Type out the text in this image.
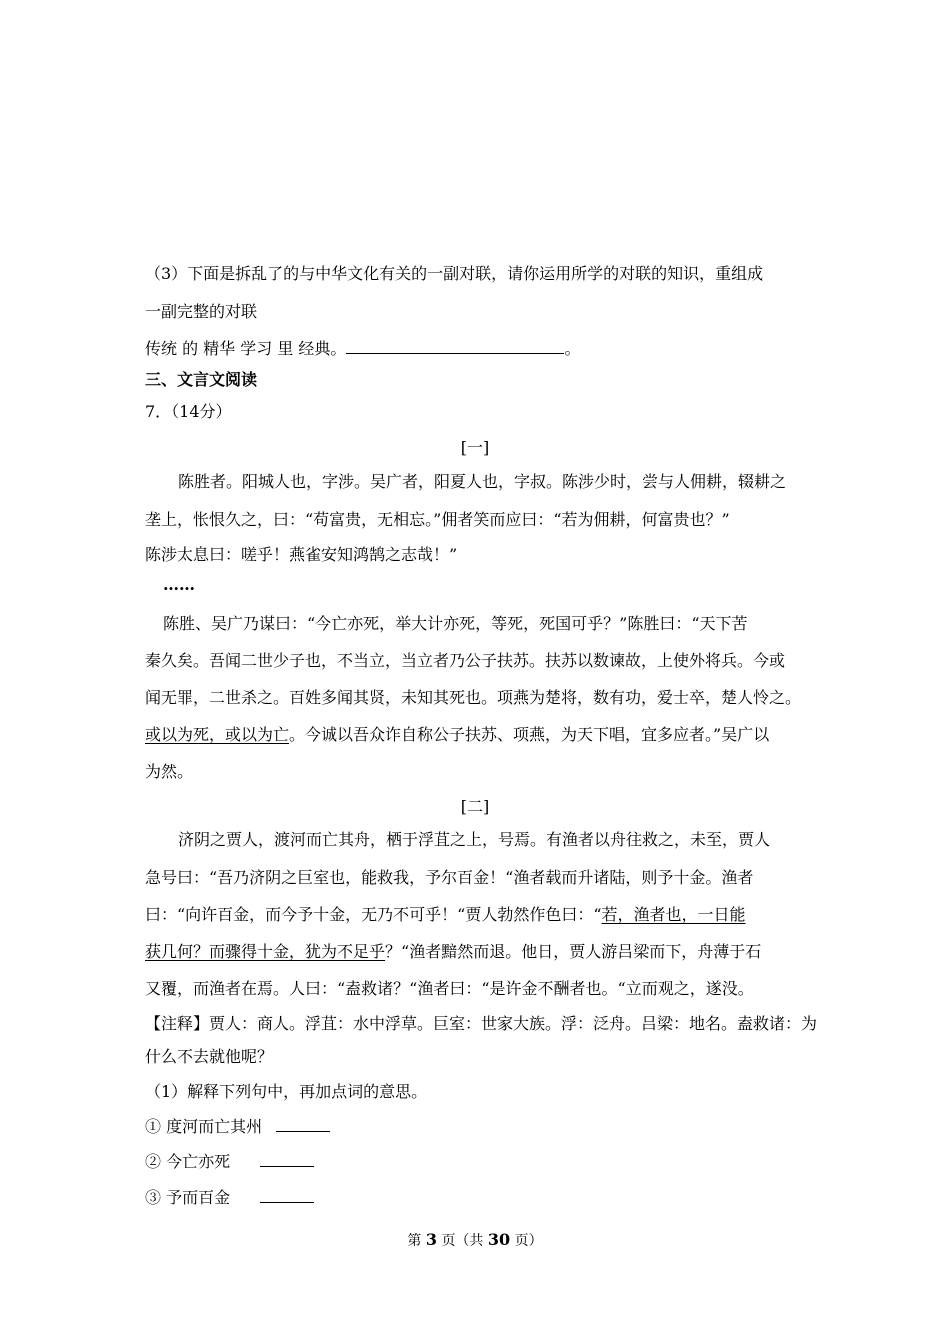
（3）下面是拆乱了的与中华文化有关的一副对联，请你运用所学的对联的知识，重组成
一副完整的对联
传统 的 精华 学习 里 经典。	。
三、文言文阅读
7．（14分）
[一]
陈胜者。阳城人也，字涉。吴广者，阳夏人也，字叔。陈涉少时，尝与人佣耕，辍耕之
垄上，怅恨久之，曰：“苟富贵，无相忘。”佣者笑而应曰：“若为佣耕，何富贵也？”
陈涉太息曰：嗟乎！燕雀安知鸿鹄之志哉！”
……
陈胜、吴广乃谋曰：“今亡亦死，举大计亦死，等死，死国可乎？”陈胜曰：“天下苦
秦久矣。吾闻二世少子也，不当立，当立者乃公子扶苏。扶苏以数谏故，上使外将兵。今或
闻无罪，二世杀之。百姓多闻其贤，未知其死也。项燕为楚将，数有功，爱士卒，楚人怜之。
或以为死，或以为亡。今诚以吾众诈自称公子扶苏、项燕，为天下唱，宜多应者。”吴广以
为然。
[二]
济阴之贾人，渡河而亡其舟，栖于浮苴之上，号焉。有渔者以舟往救之，未至，贾人
急号曰：“吾乃济阴之巨室也，能救我，予尔百金！“渔者载而升诸陆，则予十金。渔者
曰：“向许百金，而今予十金，无乃不可乎！“贾人勃然作色曰：“若，渔者也，一日能
获几何？而骤得十金，犹为不足乎？“渔者黯然而退。他日，贾人游吕梁而下，舟薄于石
又覆，而渔者在焉。人曰：“盍救诸？“渔者曰：“是许金不酬者也。“立而观之，遂没。
【注释】贾人：商人。浮苴：水中浮草。巨室：世家大族。浮：泛舟。吕梁：地名。盍救诸：为
什么不去就他呢？
（1）解释下列句中，再加点词的意思。
① 度河而亡其州
② 今亡亦死
③ 予而百金
第 3 页（共 30 页）
